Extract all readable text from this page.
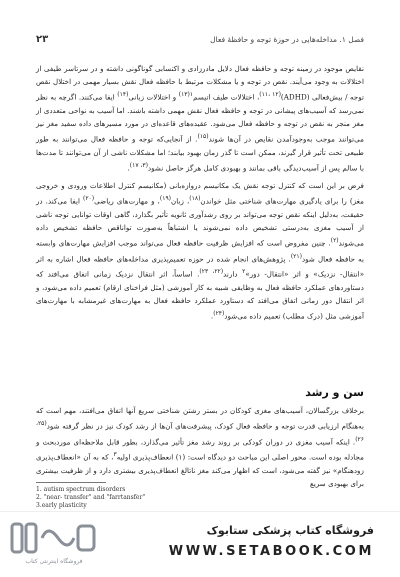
۲۳	فصل ۱. مداخله‌هایی در حوزهٔ توجه و حافظهٔ فعال

نقایص موجود در زمینه توجه و حافظه فعال دلایل مادرزادی و اکتسابی گوناگونی داشته و در سرتاسر طیفی از اختلالات به وجود می‌آیند. نقص در توجه و یا مشکلات مرتبط با حافظه فعال نقش بسیار مهمی در اختلال نقص توجه / بیش‌فعالی (ADHD)$^{(۱۱، ۱۲)}$، اختلالات طیف اتیسم$^{۱(۱۳)}$ و اختلالات زبانی$^{(۱۴)}$ ایفا می‌کنند. اگرچه به نظر نمی‌رسد که آسیب‌های پیشانی در توجه و حافظه فعال نقش مهمی داشته باشند. اما آسیب به نواحی متعددی از مغز منجر به نقص در توجه و حافظه فعال می‌شود. عقیده‌های قاعده‌ای در مورد مسیرهای داده سفید مغز نیز می‌توانند موجب به‌وجودآمدن نقایص در آن‌ها شوند$^{(۱۵)}$. از آنجایی‌که توجه و حافظه فعال می‌توانند به طور طبیعی تحت تأثیر قرار گیرند، ممکن است تا گذر زمان بهبود بیابند؛ اما مشکلات ناشی از آن می‌توانند تا مدت‌ها با سالم پس از آسیب‌دیدگی باقی بمانند و بهبودی کامل هرگز حاصل نشود$^{(۳، ۱۷)}$.

فرض بر این است که کنترل توجه نقش یک مکانیسم دروازه‌بانی (مکانیسم کنترل اطلاعات ورودی و خروجی مغز) را برای یادگیری مهارت‌های شناختی مثل خواندن$^{(۱۸)}$، زبان$^{(۱۹)}$، و مهارت‌های ریاضی$^{(۲۰)}$ ایفا می‌کند. در حقیقت، به‌دلیل اینکه نقص توجه می‌تواند بر روی رشدآوری ثانویه تأثیر بگذارد، گاهی اوقات توانایی توجه ناشی از آسیب مغزی به‌درستی تشخیص داده نمی‌شوند یا اشتباهاً به‌صورت تواناقص حافظه تشخیص داده می‌شوند$^{(۲)}$. چنین مفروض است که افزایش ظرفیت حافظه فعال می‌تواند موجب افزایش مهارت‌های وابسته به حافظه فعال شود$^{(۲۱)}$. پژوهش‌های انجام شده در حوزه تعمیم‌پذیری مداخله‌های حافظه فعال اشاره به اثر «انتقال- نزدیک» و اثر «انتقال- دور»$^۲$ دارند$^{(۲۲، ۲۳)}$. اساساً، اثر انتقال نزدیک زمانی اتفاق می‌افتد که دستاوردهای عملکرد حافظه فعال به وظایفی شبیه به کار آموزشی (مثل فراخنای ارقام) تعمیم داده می‌شود، و اثر انتقال دور زمانی اتفاق می‌افتد که دستاورد عملکرد حافظه فعال به مهارت‌های غیرمشابه با مهارت‌های آموزشی مثل (درک مطلب) تعمیم داده می‌شود$^{(۲۴)}$.

سن و رشد

برخلاف بزرگسالان، آسیب‌های مغزی کودکان در بستر رشتن شناختی سریع آنها اتفاق می‌افتند، مهم است که به‌هنگام ارزیابی قدرت توجه و حافظه فعال کودک، پیشرفت‌های آن‌ها از رشد کودک نیز در نظر گرفته شود$^{(۲۵، ۲۶)}$. اینکه آسیب مغزی در دوران کودکی بر روند رشد مغز تأثیر می‌گذارد، بطور قابل ملاحظه‌ای موردبحث و مجادله بوده است. محور اصلی این مباحث دو دیدگاه است: (۱) انعطاف‌پذیری اولیه$^۳$، که به آن «انعطاف‌پذیری زودهنگام» نیز گفته می‌شود، است که اظهار می‌کند مغز ناتالغ انعطاف‌پذیری بیشتری دارد و از ظرفیت بیشتری برای بهبودی سریع

1. autism spectrum disorders
2. "near- transfer" and "farrtansfer"
3.early plasticity
فروشگاه اینترنتی کتاب
فروشگاه کتاب پزشکی ستابوک
WWW.SETABOOK.COM
